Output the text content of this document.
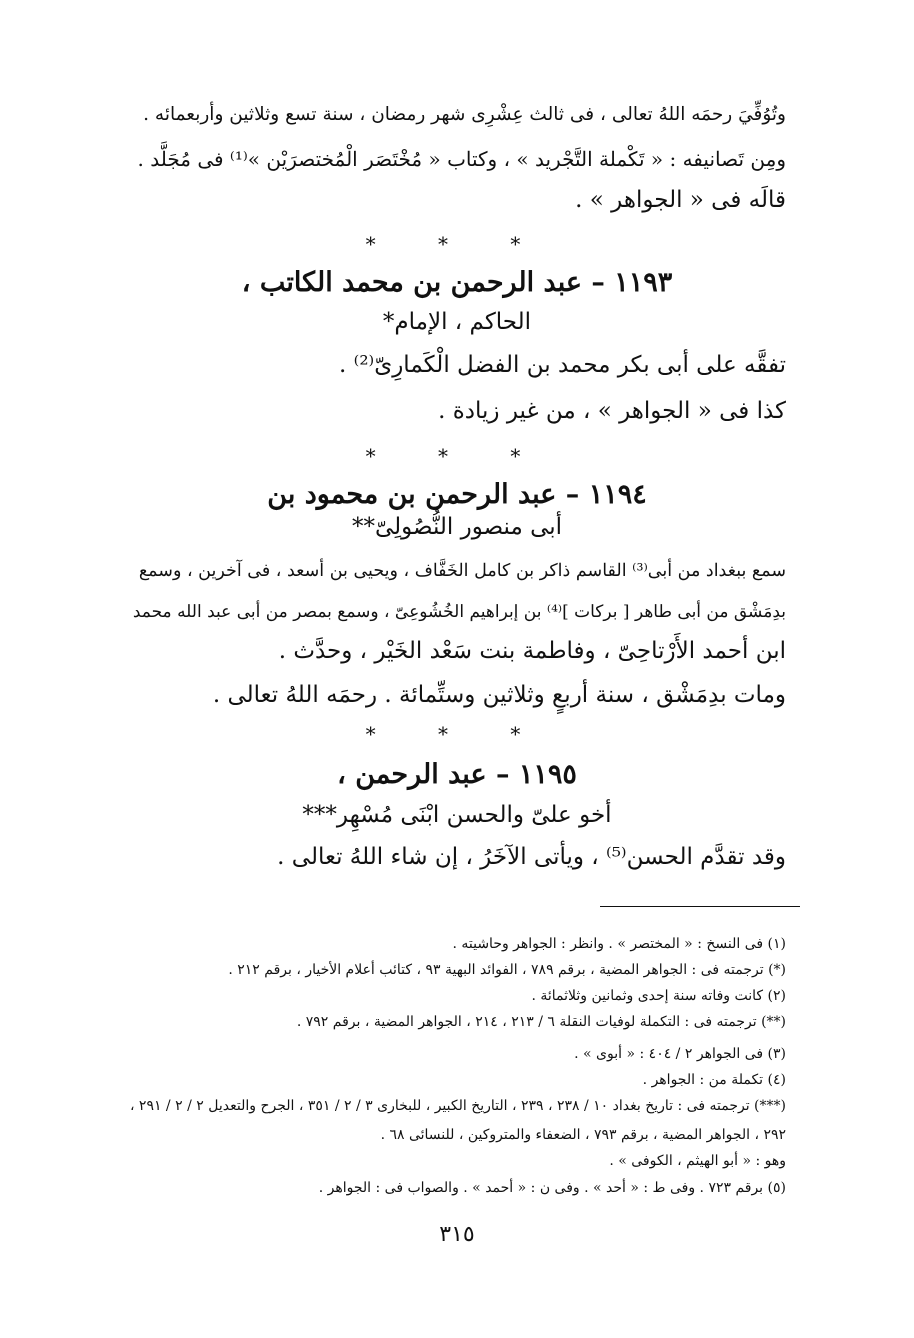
وتُوُفِّيَ رحمَه اللهُ تعالى ، فى ثالث عِشْرِى شهر رمضان ، سنة تسع وثلاثين وأربعمائه .
ومِن تَصانيفه : « تَكْملة التَّجْريد » ، وكتاب « مُخْتَصَر الْمُختصرَيْن »⁽¹⁾ فى مُجَلَّد .
قالَه فى « الجواهر » .
* * *
١١٩٣ – عبد الرحمن بن محمد الكاتب ،
الحاكم ، الإمام*
تفقَّه على أبى بكر محمد بن الفضل الْكَمارِىّ⁽²⁾ .
كذا فى « الجواهر » ، من غير زيادة .
* * *
١١٩٤ – عبد الرحمن بن محمود بن
أبى منصور النُّصُولِىّ**
سمع ببغداد من أبى⁽³⁾ القاسم ذاكر بن كامل الخَفَّاف ، ويحيى بن أسعد ، فى آخرين ، وسمع
بدِمَشْق من أبى طاهر [ بركات ]⁽⁴⁾ بن إبراهيم الخُشُوعِىّ ، وسمع بمصر من أبى عبد الله محمد
ابن أحمد الأَرْتاحِىّ ، وفاطمة بنت سَعْد الخَيْر ، وحدَّث .
ومات بدِمَشْق ، سنة أربعٍ وثلاثين وستِّمائة . رحمَه اللهُ تعالى .
* * *
١١٩٥ – عبد الرحمن ،
أخو علىّ والحسن ابْنَى مُسْهِر***
وقد تقدَّم الحسن⁽⁵⁾ ، ويأتى الآخَرُ ، إن شاء اللهُ تعالى .
(١) فى النسخ : « المختصر » . وانظر : الجواهر وحاشيته .
(*) ترجمته فى : الجواهر المضية ، برقم ٧٨٩ ، الفوائد البهية ٩٣ ، كتائب أعلام الأخيار ، برقم ٢١٢ .
(٢) كانت وفاته سنة إحدى وثمانين وثلاثمائة .
(**) ترجمته فى : التكملة لوفيات النقلة ٦ / ٢١٣ ، ٢١٤ ، الجواهر المضية ، برقم ٧٩٢ .
(٣) فى الجواهر ٢ / ٤٠٤ : « أبوى » .
(٤) تكملة من : الجواهر .
(***) ترجمته فى : تاريخ بغداد ١٠ / ٢٣٨ ، ٢٣٩ ، التاريخ الكبير ، للبخارى ٣ / ٢ / ٣٥١ ، الجرح والتعديل ٢ / ٢ / ٢٩١ ،
٢٩٢ ، الجواهر المضية ، برقم ٧٩٣ ، الضعفاء والمتروكين ، للنسائى ٦٨ .
وهو : « أبو الهيثم ، الكوفى » .
(٥) برقم ٧٢٣ . وفى ط : « أحد » . وفى ن : « أحمد » . والصواب فى : الجواهر .
٣١٥
